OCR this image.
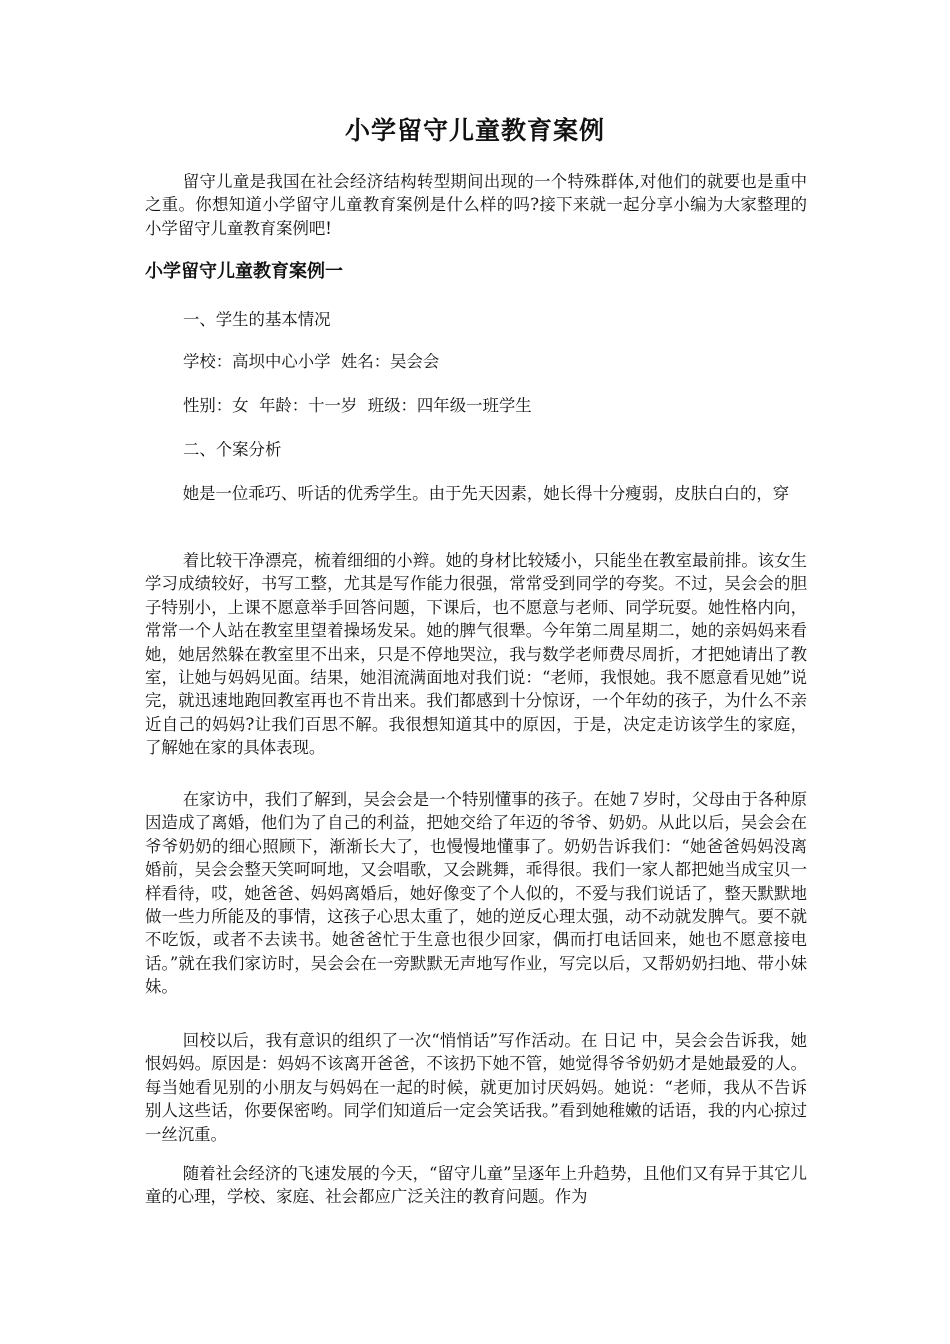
小学留守儿童教育案例

留守儿童是我国在社会经济结构转型期间出现的一个特殊群体,对他们的就要也是重中之重。你想知道小学留守儿童教育案例是什么样的吗?接下来就一起分享小编为大家整理的小学留守儿童教育案例吧!

小学留守儿童教育案例一

一、学生的基本情况

学校：高坝中心小学  姓名：吴会会

性别：女  年龄：十一岁  班级：四年级一班学生

二、个案分析

她是一位乖巧、听话的优秀学生。由于先天因素，她长得十分瘦弱，皮肤白白的，穿

着比较干净漂亮，梳着细细的小辫。她的身材比较矮小，只能坐在教室最前排。该女生学习成绩较好，书写工整，尤其是写作能力很强，常常受到同学的夸奖。不过，吴会会的胆子特别小，上课不愿意举手回答问题，下课后，也不愿意与老师、同学玩耍。她性格内向，常常一个人站在教室里望着操场发呆。她的脾气很犟。今年第二周星期二，她的亲妈妈来看她，她居然躲在教室里不出来，只是不停地哭泣，我与数学老师费尽周折，才把她请出了教室，让她与妈妈见面。结果，她泪流满面地对我们说：“老师，我恨她。我不愿意看见她”说完，就迅速地跑回教室再也不肯出来。我们都感到十分惊讶，一个年幼的孩子，为什么不亲近自己的妈妈?让我们百思不解。我很想知道其中的原因，于是，决定走访该学生的家庭，了解她在家的具体表现。

在家访中，我们了解到，吴会会是一个特别懂事的孩子。在她７岁时，父母由于各种原因造成了离婚，他们为了自己的利益，把她交给了年迈的爷爷、奶奶。从此以后，吴会会在爷爷奶奶的细心照顾下，渐渐长大了，也慢慢地懂事了。奶奶告诉我们：“她爸爸妈妈没离婚前，吴会会整天笑呵呵地，又会唱歌，又会跳舞，乖得很。我们一家人都把她当成宝贝一样看待，哎，她爸爸、妈妈离婚后，她好像变了个人似的，不爱与我们说话了，整天默默地做一些力所能及的事情，这孩子心思太重了，她的逆反心理太强，动不动就发脾气。要不就不吃饭，或者不去读书。她爸爸忙于生意也很少回家，偶而打电话回来，她也不愿意接电话。”就在我们家访时，吴会会在一旁默默无声地写作业，写完以后，又帮奶奶扫地、带小妹妹。

回校以后，我有意识的组织了一次“悄悄话”写作活动。在 日记 中，吴会会告诉我，她恨妈妈。原因是：妈妈不该离开爸爸，不该扔下她不管，她觉得爷爷奶奶才是她最爱的人。每当她看见别的小朋友与妈妈在一起的时候，就更加讨厌妈妈。她说：“老师，我从不告诉别人这些话，你要保密哟。同学们知道后一定会笑话我。”看到她稚嫩的话语，我的内心掠过一丝沉重。

随着社会经济的飞速发展的今天，“留守儿童”呈逐年上升趋势，且他们又有异于其它儿童的心理，学校、家庭、社会都应广泛关注的教育问题。作为
